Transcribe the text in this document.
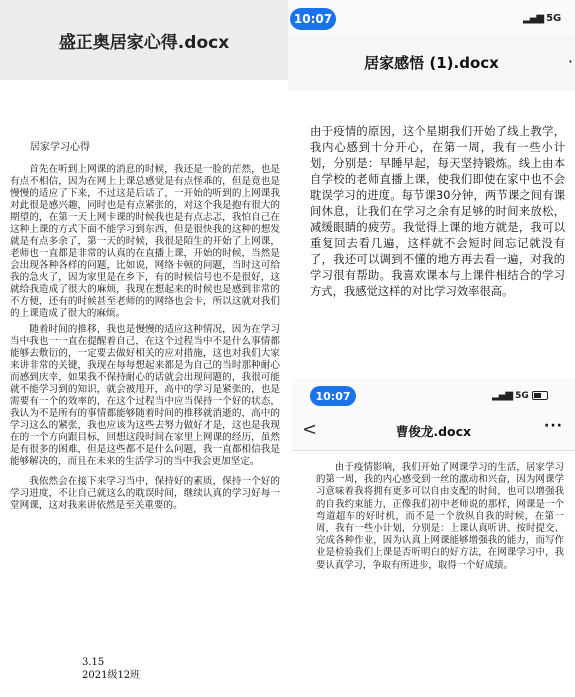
盛正奥居家心得.docx
居家学习心得

首先在听到上网课的消息的时候，我还是一脸的茫然，也是有点不相信，因为在网上上课总感觉是有点怪乖的，但是竟也是慢慢的适应了下来，不过这是后话了，一开始的听到的上网课我对此很是感兴趣，同时也是有点紧张的，对这个我是抱有很大的期望的，在第一天上网卡课的时候我也是有点忐忑，我怕自己在这种上课的方式下面不能学习到东西，但是很快我的这种的想发就是有点多余了，第一天的时候，我很是陌生的开始了上网课，老师也一直都是非常的认真的在直播上课，开始的时候，当然是会出现各种各样的问题，比如说，网络卡顿的问题，当时这可给我的急火了，因为家里是在乡下，有的时候信号也不是很好，这就给我造成了很大的麻烦，我现在想起来的时候也是感到非常的不方便，还有的时候甚至老师的的网络也会卡，所以这就对我们的上课造成了很大的麻烦。

随着时间的推移，我也是慢慢的适应这种情况，因为在学习当中我也一一直在提醒着自己，在这个过程当中不是什么事情都能够去敷衍的，一定要去做好相关的应对措施，这也对我们大家来讲非常的关键，我现在每每想起来都是为自己的当时那种耐心而感到庆幸，如果我不保持耐心的话就会出现问题的，我很可能就不能学习到的知识，就会被甩开，高中的学习是紧张的，也是需要有一个的效率的，在这个过程当中应当保持一个好的状态，我认为不是所有的事情都能够随着时间的推移就消逝的，高中的学习这么的紧张，我也应该为这些去努力做好才是，这也是我现在的一个方向跟目标，回想这段时间在家里上网课的经历，虽然是有很多的困难，但是这些都不是什么问题，我一直都相信我是能够解决的，而且在未来的生活学习的当中我会更加坚定。

我依然会在接下来学习当中，保持好的素质，保持一个好的学习进度，不让自己就这么的耽误时间，继续认真的学习好每一堂网课，这对我来讲依然是至关重要的。

3.15
2021级12班
10:07	▂▄▆ 5G
居家感悟 (1).docx	·

由于疫情的原因，这个星期我们开始了线上教学，我内心感到十分开心，在第一周，我有一些小计划，分别是：早睡早起，每天坚持锻炼。线上由本自学校的老师直播上课，使我们即使在家中也不会耽误学习的进度。每节课30分钟，两节课之间有课间休息，让我们在学习之余有足够的时间来放松，减缓眼睛的疲劳。我觉得上课的地方就是，我可以重复回去看几遍，这样就不会短时间忘记就没有了，我还可以调到不懂的地方再去看一遍，对我的学习很有帮助。我喜欢课本与上课件相结合的学习方式，我感觉这样的对比学习效率很高。

10:07	▂▄▆ 5G
<	曹俊龙.docx	···

由于疫情影响，我们开始了网课学习的生活，居家学习的第一周，我的内心感受到一丝的激动和兴奋，因为网课学习意味着我将拥有更多可以自由支配的时间，也可以增强我的自我约束能力，正像我们初中老师说的那样，网课是一个弯道超车的好时机，而不是一个放纵自我的时候，在第一周，我有一些小计划，分别是：上课认真听讲、按时提交、完成各种作业，因为认真上网课能够增强我的能力，而写作业是检验我们上课是否听明白的好方法，在网课学习中，我要认真学习，争取有所进步，取得一个好成绩。
